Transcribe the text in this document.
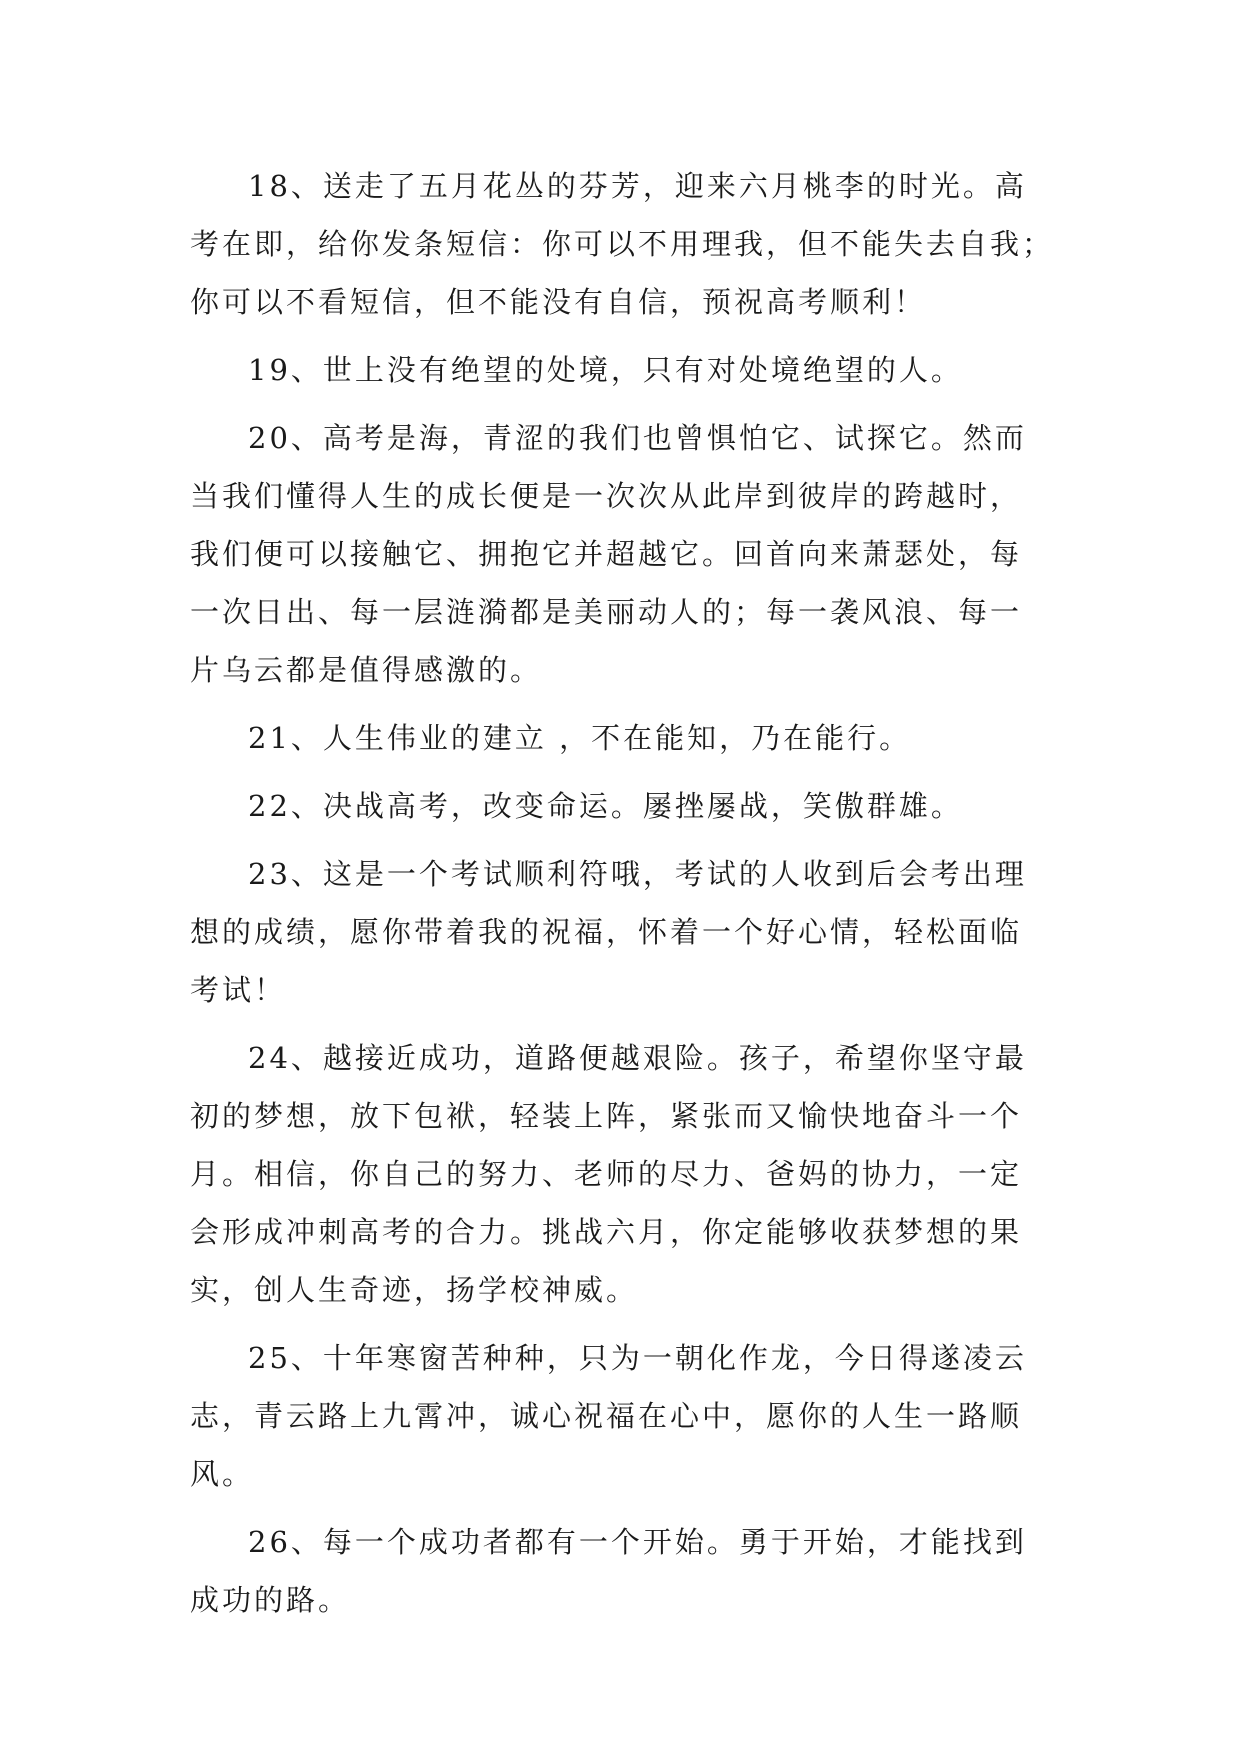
18、送走了五月花丛的芬芳，迎来六月桃李的时光。高
考在即，给你发条短信：你可以不用理我，但不能失去自我；
你可以不看短信，但不能没有自信，预祝高考顺利！
19、世上没有绝望的处境，只有对处境绝望的人。
20、高考是海，青涩的我们也曾惧怕它、试探它。然而
当我们懂得人生的成长便是一次次从此岸到彼岸的跨越时，
我们便可以接触它、拥抱它并超越它。回首向来萧瑟处，每
一次日出、每一层涟漪都是美丽动人的；每一袭风浪、每一
片乌云都是值得感激的。
21、人生伟业的建立 ，不在能知，乃在能行。
22、决战高考，改变命运。屡挫屡战，笑傲群雄。
23、这是一个考试顺利符哦，考试的人收到后会考出理
想的成绩，愿你带着我的祝福，怀着一个好心情，轻松面临
考试！
24、越接近成功，道路便越艰险。孩子，希望你坚守最
初的梦想，放下包袱，轻装上阵，紧张而又愉快地奋斗一个
月。相信，你自己的努力、老师的尽力、爸妈的协力，一定
会形成冲刺高考的合力。挑战六月，你定能够收获梦想的果
实，创人生奇迹，扬学校神威。
25、十年寒窗苦种种，只为一朝化作龙，今日得遂凌云
志，青云路上九霄冲，诚心祝福在心中，愿你的人生一路顺
风。
26、每一个成功者都有一个开始。勇于开始，才能找到
成功的路。
